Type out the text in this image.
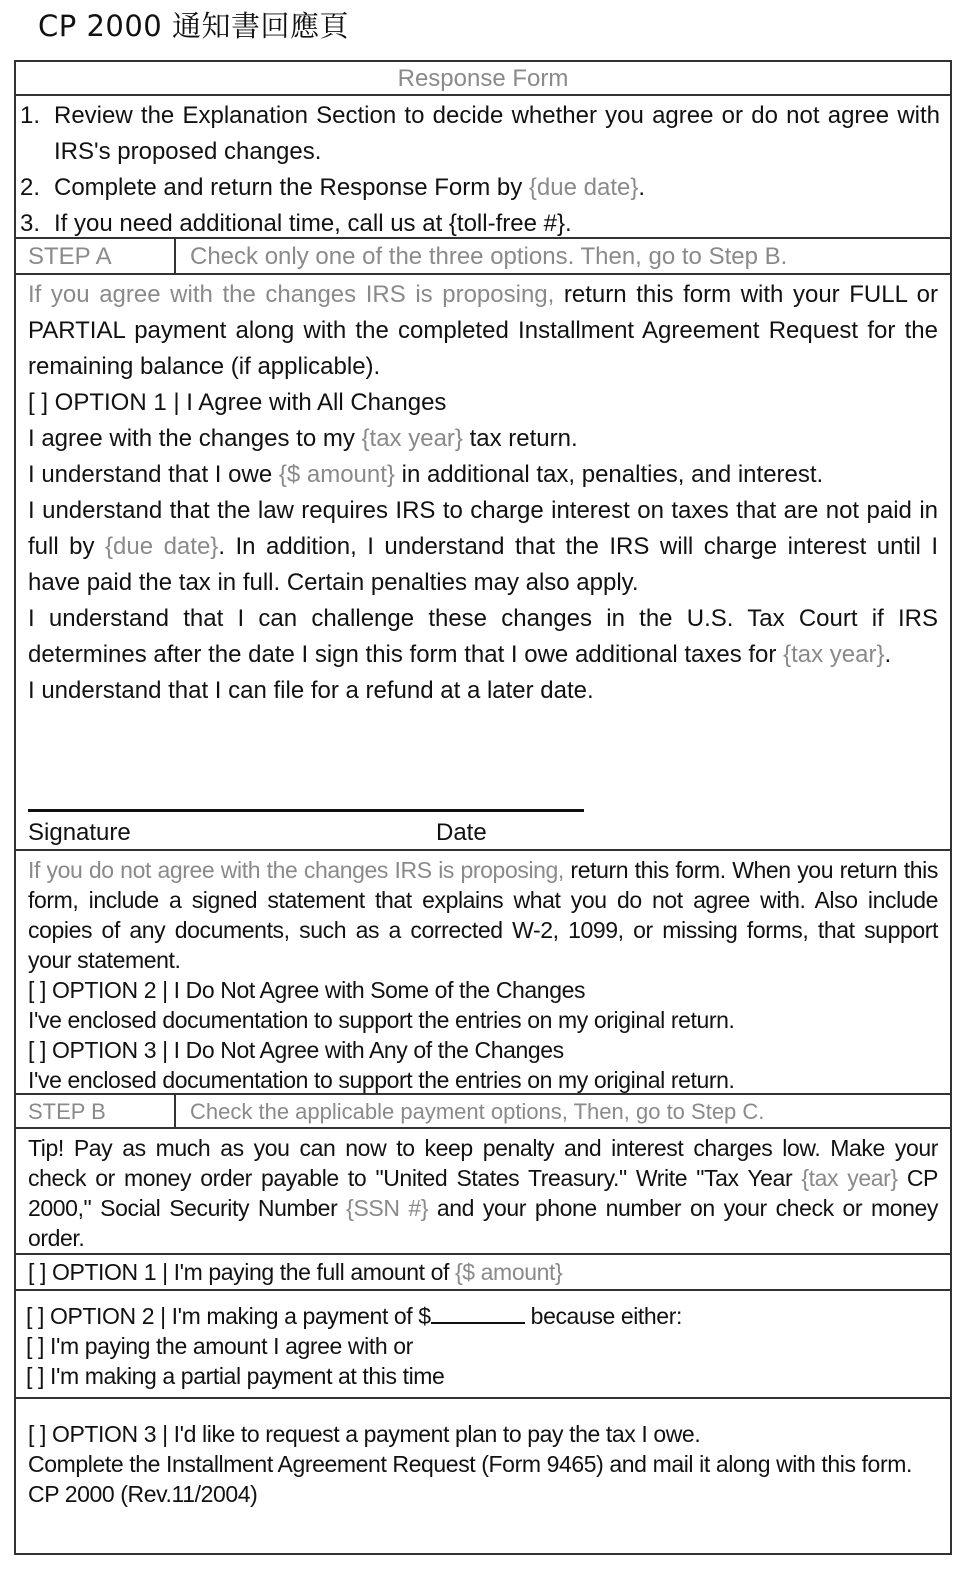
CP 2000 通知書回應頁
Response Form
1. Review the Explanation Section to decide whether you agree or do not agree with IRS's proposed changes.
2. Complete and return the Response Form by {due date}.
3. If you need additional time, call us at {toll-free #}.
STEP A	Check only one of the three options. Then, go to Step B.

If you agree with the changes IRS is proposing, return this form with your FULL or PARTIAL payment along with the completed Installment Agreement Request for the remaining balance (if applicable).

[ ] OPTION 1 | I Agree with All Changes

I agree with the changes to my {tax year} tax return.

I understand that I owe {$ amount} in additional tax, penalties, and interest.

I understand that the law requires IRS to charge interest on taxes that are not paid in full by {due date}. In addition, I understand that the IRS will charge interest until I have paid the tax in full. Certain penalties may also apply.

I understand that I can challenge these changes in the U.S. Tax Court if IRS determines after the date I sign this form that I owe additional taxes for {tax year}.

I understand that I can file for a refund at a later date.

Signature	Date

If you do not agree with the changes IRS is proposing, return this form. When you return this form, include a signed statement that explains what you do not agree with. Also include copies of any documents, such as a corrected W-2, 1099, or missing forms, that support your statement.

[ ] OPTION 2 | I Do Not Agree with Some of the Changes

I've enclosed documentation to support the entries on my original return.

[ ] OPTION 3 | I Do Not Agree with Any of the Changes

I've enclosed documentation to support the entries on my original return.

STEP B	Check the applicable payment options, Then, go to Step C.

Tip! Pay as much as you can now to keep penalty and interest charges low. Make your check or money order payable to "United States Treasury." Write "Tax Year {tax year} CP 2000," Social Security Number {SSN #} and your phone number on your check or money order.

[ ] OPTION 1 | I'm paying the full amount of {$ amount}

[ ] OPTION 2 | I'm making a payment of $	because either:

[ ] I'm paying the amount I agree with or

[ ] I'm making a partial payment at this time

[ ] OPTION 3 | I'd like to request a payment plan to pay the tax I owe.

Complete the Installment Agreement Request (Form 9465) and mail it along with this form.

CP 2000 (Rev.11/2004)
